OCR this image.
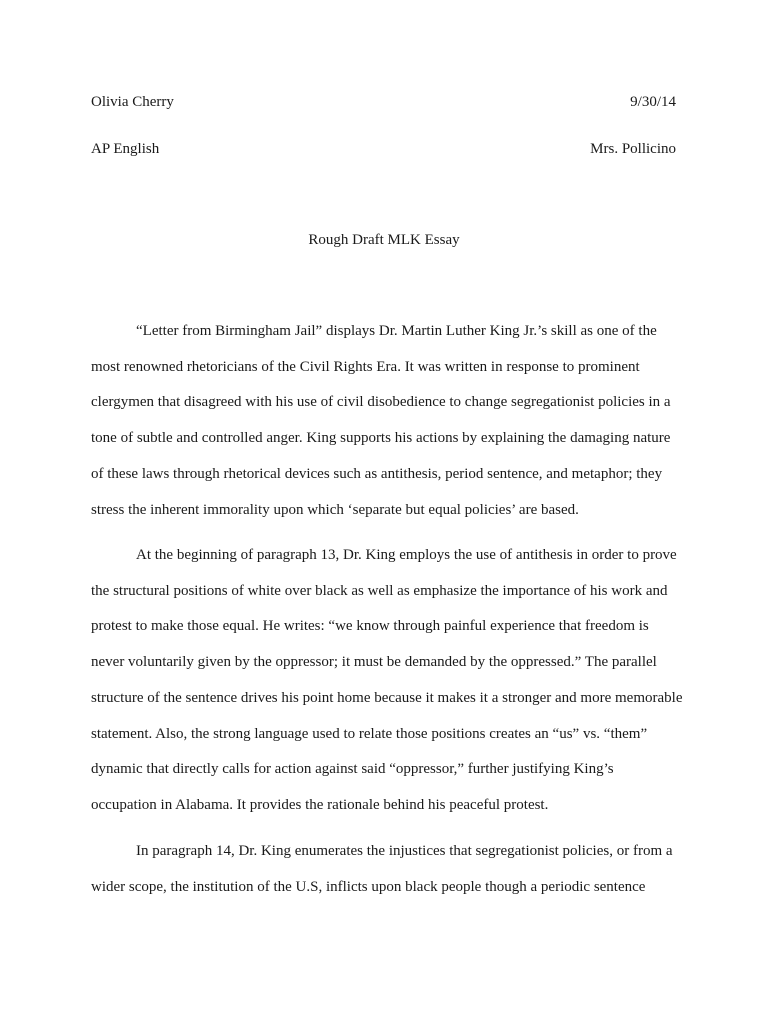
Olivia Cherry	9/30/14
AP English	Mrs. Pollicino
Rough Draft MLK Essay

“Letter from Birmingham Jail” displays Dr. Martin Luther King Jr.’s skill as one of the most renowned rhetoricians of the Civil Rights Era. It was written in response to prominent clergymen that disagreed with his use of civil disobedience to change segregationist policies in a tone of subtle and controlled anger. King supports his actions by explaining the damaging nature of these laws through rhetorical devices such as antithesis, period sentence, and metaphor; they stress the inherent immorality upon which ‘separate but equal policies’ are based.

At the beginning of paragraph 13, Dr. King employs the use of antithesis in order to prove the structural positions of white over black as well as emphasize the importance of his work and protest to make those equal. He writes: “we know through painful experience that freedom is never voluntarily given by the oppressor; it must be demanded by the oppressed.” The parallel structure of the sentence drives his point home because it makes it a stronger and more memorable statement. Also, the strong language used to relate those positions creates an “us” vs. “them” dynamic that directly calls for action against said “oppressor,” further justifying King’s occupation in Alabama. It provides the rationale behind his peaceful protest.

In paragraph 14, Dr. King enumerates the injustices that segregationist policies, or from a wider scope, the institution of the U.S, inflicts upon black people though a periodic sentence
